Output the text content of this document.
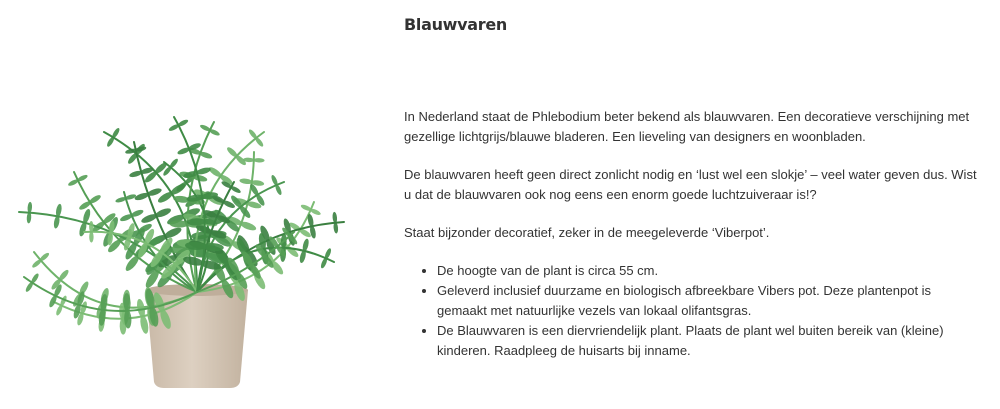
Blauwvaren

In Nederland staat de Phlebodium beter bekend als blauwvaren. Een decoratieve verschijning met gezellige lichtgrijs/blauwe bladeren. Een lieveling van designers en woonbladen.

De blauwvaren heeft geen direct zonlicht nodig en ‘lust wel een slokje’ – veel water geven dus. Wist u dat de blauwvaren ook nog eens een enorm goede luchtzuiveraar is!?

Staat bijzonder decoratief, zeker in de meegeleverde ‘Viberpot’.

• De hoogte van de plant is circa 55 cm.
• Geleverd inclusief duurzame en biologisch afbreekbare Vibers pot. Deze plantenpot is gemaakt met natuurlijke vezels van lokaal olifantsgras.
• De Blauwvaren is een diervriendelijk plant. Plaats de plant wel buiten bereik van (kleine) kinderen. Raadpleeg de huisarts bij inname.
